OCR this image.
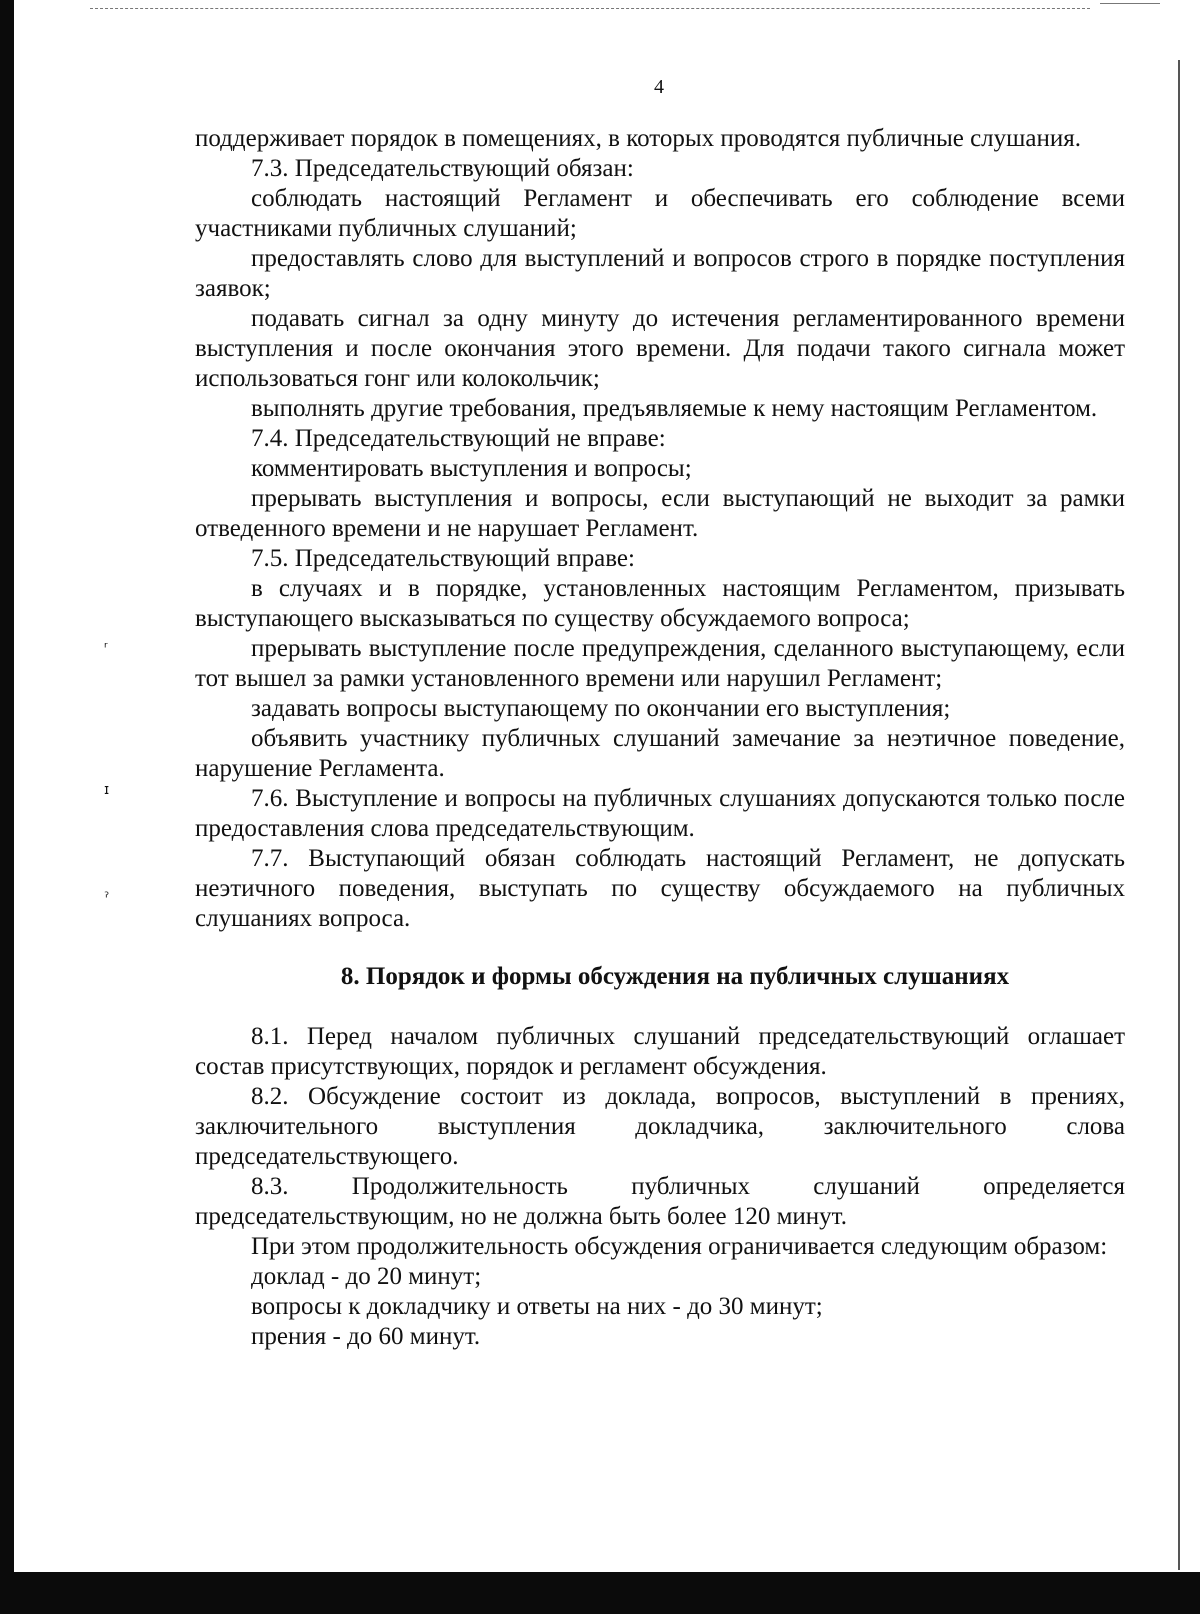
ʳ
ɪ
ˀ
4

поддерживает порядок в помещениях, в которых проводятся публичные слушания.

7.3. Председательствующий обязан:

соблюдать настоящий Регламент и обеспечивать его соблюдение всеми участниками публичных слушаний;

предоставлять слово для выступлений и вопросов строго в порядке поступления заявок;

подавать сигнал за одну минуту до истечения регламентированного времени выступления и после окончания этого времени. Для подачи такого сигнала может использоваться гонг или колокольчик;

выполнять другие требования, предъявляемые к нему настоящим Регламентом.

7.4. Председательствующий не вправе:

комментировать выступления и вопросы;

прерывать выступления и вопросы, если выступающий не выходит за рамки отведенного времени и не нарушает Регламент.

7.5. Председательствующий вправе:

в случаях и в порядке, установленных настоящим Регламентом, призывать выступающего высказываться по существу обсуждаемого вопроса;

прерывать выступление после предупреждения, сделанного выступающему, если тот вышел за рамки установленного времени или нарушил Регламент;

задавать вопросы выступающему по окончании его выступления;

объявить участнику публичных слушаний замечание за неэтичное поведение, нарушение Регламента.

7.6. Выступление и вопросы на публичных слушаниях допускаются только после предоставления слова председательствующим.

7.7. Выступающий обязан соблюдать настоящий Регламент, не допускать неэтичного поведения, выступать по существу обсуждаемого на публичных слушаниях вопроса.

8. Порядок и формы обсуждения на публичных слушаниях

8.1. Перед началом публичных слушаний председательствующий оглашает состав присутствующих, порядок и регламент обсуждения.

8.2. Обсуждение состоит из доклада, вопросов, выступлений в прениях, заключительного выступления докладчика, заключительного слова председательствующего.

8.3. Продолжительность публичных слушаний определяется председательствующим, но не должна быть более 120 минут.

При этом продолжительность обсуждения ограничивается следующим образом:

доклад - до 20 минут;

вопросы к докладчику и ответы на них - до 30 минут;

прения - до 60 минут.
